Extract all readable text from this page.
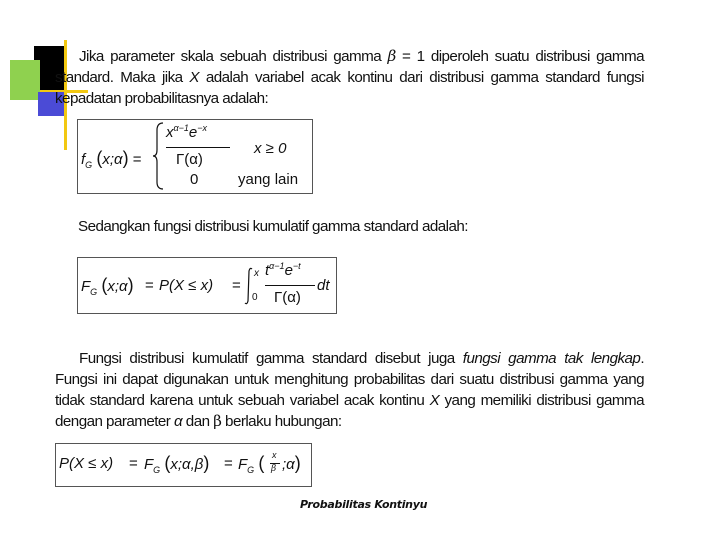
Jika parameter skala sebuah distribusi gamma β = 1 diperoleh suatu distribusi gamma standard. Maka jika X adalah variabel acak kontinu dari distribusi gamma standard fungsi kepadatan probabilitasnya adalah:

$f_G$ (x;α) =
$x^{\alpha-1}e^{-x}$
Γ(α)
x ≥ 0
0	yang lain

Sedangkan fungsi distribusi kumulatif gamma standard adalah:

$F_G$ (x;α) = P(X ≤ x) =
x
0
$t^{\alpha-1}e^{-t}$
Γ(α)
dt

Fungsi distribusi kumulatif gamma standard disebut juga fungsi gamma tak lengkap. Fungsi ini dapat digunakan untuk menghitung probabilitas dari suatu distribusi gamma yang tidak standard karena untuk sebuah variabel acak kontinu X yang memiliki distribusi gamma dengan parameter α dan β berlaku hubungan:

$P(X \le x) = F_G$ (x;α,β) = $F_G$ ( x
β ;α)
Probabilitas Kontinyu
